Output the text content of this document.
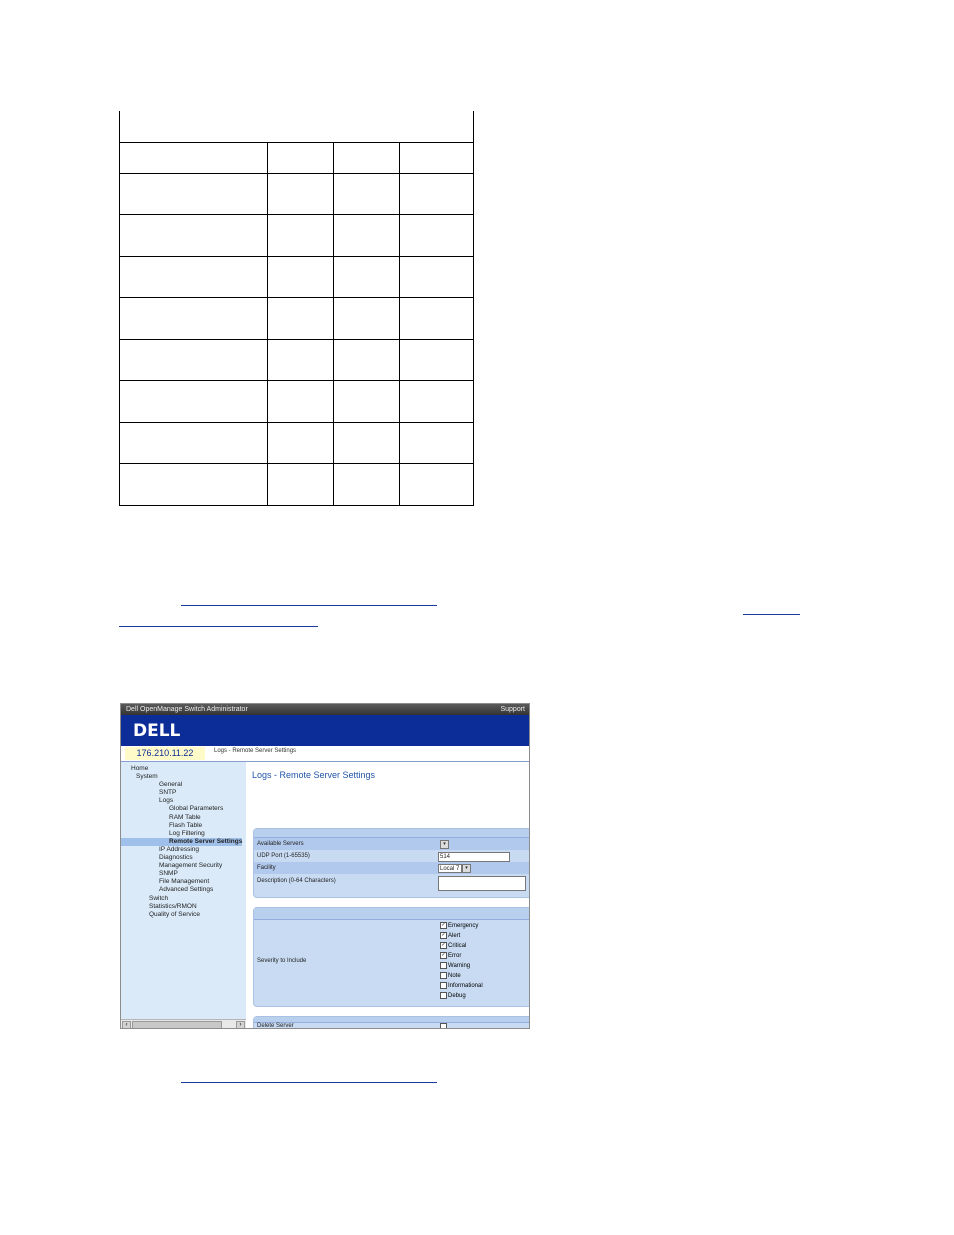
Dell OpenManage Switch Administrator	Support
DELL
176.210.11.22	Logs - Remote Server Settings
Home
System
General
SNTP
Logs
Global Parameters
RAM Table
Flash Table
Log Filtering
Remote Server Settings
IP Addressing
Diagnostics
Management Security
SNMP
File Management
Advanced Settings
Switch
Statistics/RMON
Quality of Service
‹	›
Logs - Remote Server Settings
Available Servers	▾
UDP Port (1-65535)	514
Facility	Local 7	▾
Description (0-64 Characters)
Severity to Include
✓ Emergency
✓ Alert
✓ Critical
✓ Error
Warning
Note
Informational
Debug
Delete Server
